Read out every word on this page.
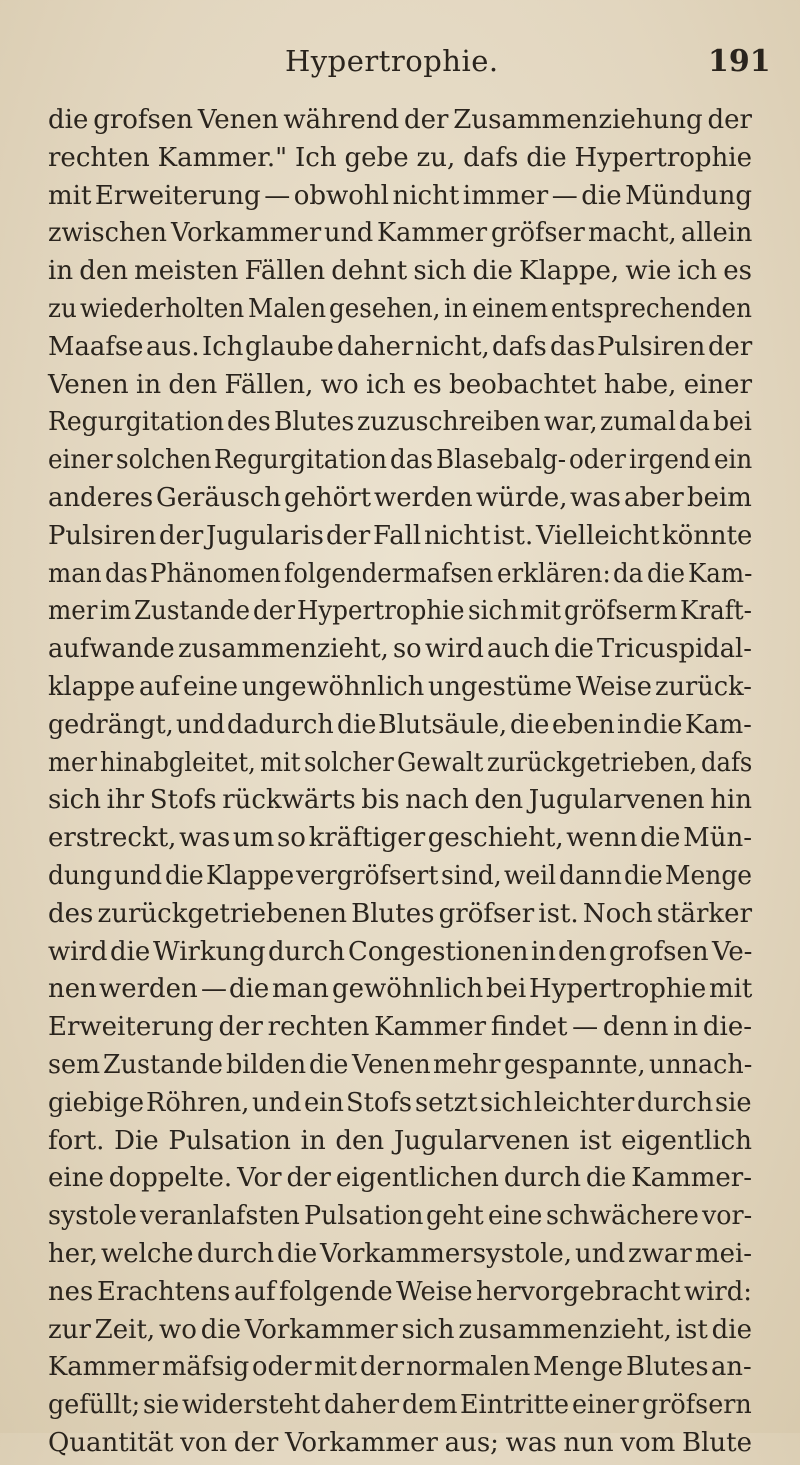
Hypertrophie.	191
die grofsen Venen während der Zusammenziehung der
rechten Kammer." Ich gebe zu, dafs die Hypertrophie
mit Erweiterung — obwohl nicht immer — die Mündung
zwischen Vorkammer und Kammer gröfser macht, allein
in den meisten Fällen dehnt sich die Klappe, wie ich es
zu wiederholten Malen gesehen, in einem entsprechenden
Maafse aus. Ich glaube daher nicht, dafs das Pulsiren der
Venen in den Fällen, wo ich es beobachtet habe, einer
Regurgitation des Blutes zuzuschreiben war, zumal da bei
einer solchen Regurgitation das Blasebalg- oder irgend ein
anderes Geräusch gehört werden würde, was aber beim
Pulsiren der Jugularis der Fall nicht ist. Vielleicht könnte
man das Phänomen folgendermafsen erklären: da die Kam-
mer im Zustande der Hypertrophie sich mit gröfserm Kraft-
aufwande zusammenzieht, so wird auch die Tricuspidal-
klappe auf eine ungewöhnlich ungestüme Weise zurück-
gedrängt, und dadurch die Blutsäule, die eben in die Kam-
mer hinabgleitet, mit solcher Gewalt zurückgetrieben, dafs
sich ihr Stofs rückwärts bis nach den Jugularvenen hin
erstreckt, was um so kräftiger geschieht, wenn die Mün-
dung und die Klappe vergröfsert sind, weil dann die Menge
des zurückgetriebenen Blutes gröfser ist. Noch stärker
wird die Wirkung durch Congestionen in den grofsen Ve-
nen werden — die man gewöhnlich bei Hypertrophie mit
Erweiterung der rechten Kammer findet — denn in die-
sem Zustande bilden die Venen mehr gespannte, unnach-
giebige Röhren, und ein Stofs setzt sich leichter durch sie
fort. Die Pulsation in den Jugularvenen ist eigentlich
eine doppelte. Vor der eigentlichen durch die Kammer-
systole veranlafsten Pulsation geht eine schwächere vor-
her, welche durch die Vorkammersystole, und zwar mei-
nes Erachtens auf folgende Weise hervorgebracht wird:
zur Zeit, wo die Vorkammer sich zusammenzieht, ist die
Kammer mäfsig oder mit der normalen Menge Blutes an-
gefüllt; sie widersteht daher dem Eintritte einer gröfsern
Quantität von der Vorkammer aus; was nun vom Blute
